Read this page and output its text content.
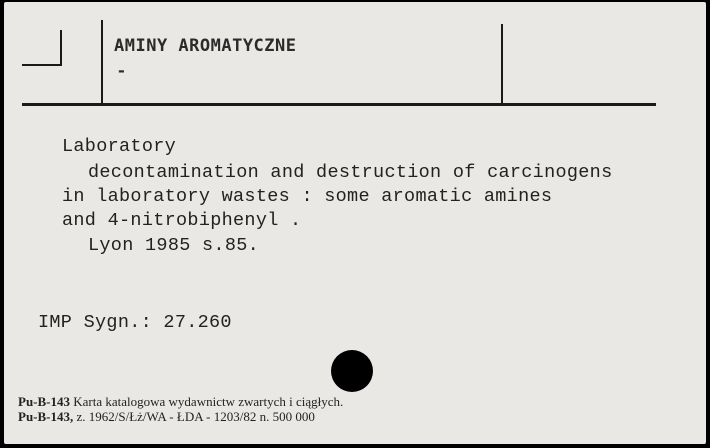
AMINY AROMATYCZNE
-
Laboratory
decontamination and destruction of carcinogens
in laboratory wastes : some aromatic amines
and 4-nitrobiphenyl .
Lyon 1985 s.85.
IMP Sygn.: 27.260
Pu-B-143 Karta katalogowa wydawnictw zwartych i ciągłych.
Pu-B-143, z. 1962/S/Łż/WA - ŁDA - 1203/82 n. 500 000
